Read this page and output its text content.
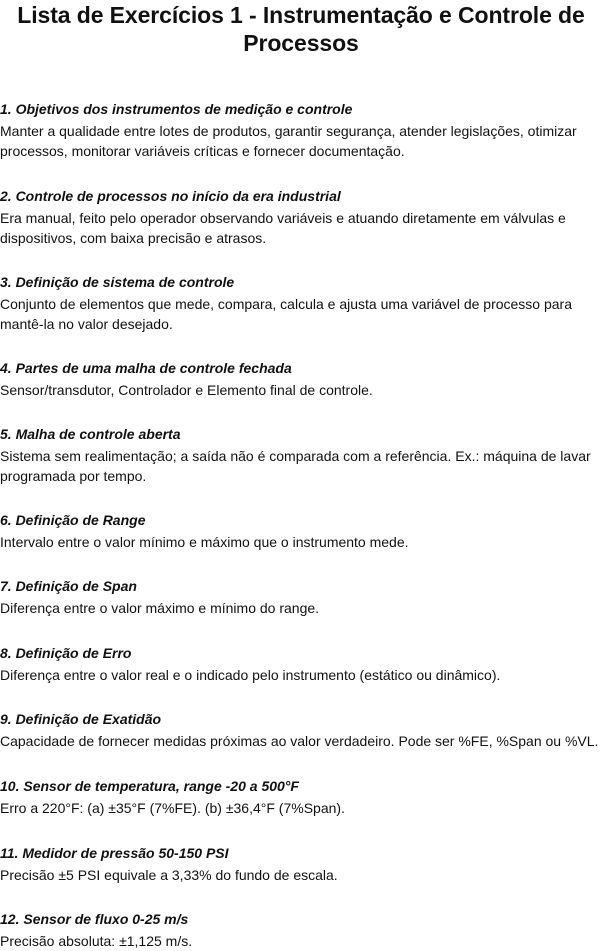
Lista de Exercícios 1 - Instrumentação e Controle de Processos

1. Objetivos dos instrumentos de medição e controle

Manter a qualidade entre lotes de produtos, garantir segurança, atender legislações, otimizar processos, monitorar variáveis críticas e fornecer documentação.

2. Controle de processos no início da era industrial

Era manual, feito pelo operador observando variáveis e atuando diretamente em válvulas e dispositivos, com baixa precisão e atrasos.

3. Definição de sistema de controle

Conjunto de elementos que mede, compara, calcula e ajusta uma variável de processo para mantê-la no valor desejado.

4. Partes de uma malha de controle fechada

Sensor/transdutor, Controlador e Elemento final de controle.

5. Malha de controle aberta

Sistema sem realimentação; a saída não é comparada com a referência. Ex.: máquina de lavar programada por tempo.

6. Definição de Range

Intervalo entre o valor mínimo e máximo que o instrumento mede.

7. Definição de Span

Diferença entre o valor máximo e mínimo do range.

8. Definição de Erro

Diferença entre o valor real e o indicado pelo instrumento (estático ou dinâmico).

9. Definição de Exatidão

Capacidade de fornecer medidas próximas ao valor verdadeiro. Pode ser %FE, %Span ou %VL.

10. Sensor de temperatura, range -20 a 500°F

Erro a 220°F: (a) ±35°F (7%FE). (b) ±36,4°F (7%Span).

11. Medidor de pressão 50-150 PSI

Precisão ±5 PSI equivale a 3,33% do fundo de escala.

12. Sensor de fluxo 0-25 m/s

Precisão absoluta: ±1,125 m/s.
